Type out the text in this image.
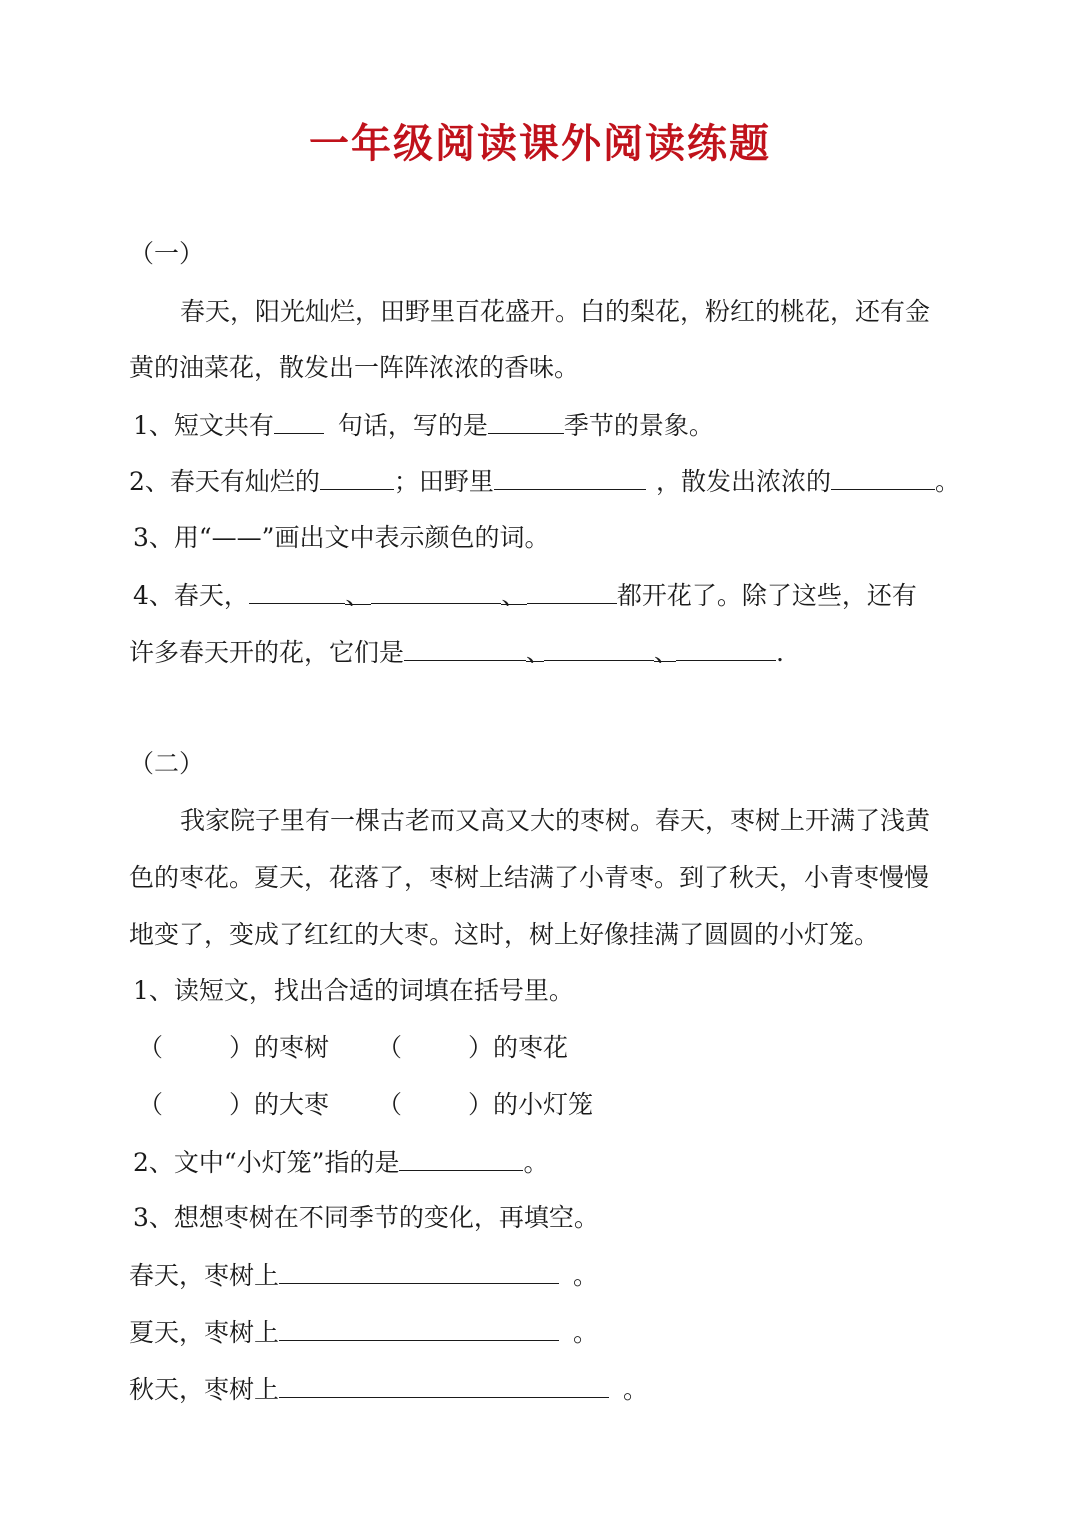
一年级阅读课外阅读练题
（一）
春天，阳光灿烂，田野里百花盛开。白的梨花，粉红的桃花，还有金
黄的油菜花，散发出一阵阵浓浓的香味。
1、短文共有	句话，写的是	季节的景象。
2、春天有灿烂的	；田野里	，散发出浓浓的	。
3、用“——”画出文中表示颜色的词。
4、春天，	、	、	都开花了。除了这些，还有
许多春天开的花，它们是	、	、	.
（二）
我家院子里有一棵古老而又高又大的枣树。春天，枣树上开满了浅黄
色的枣花。夏天，花落了，枣树上结满了小青枣。到了秋天，小青枣慢慢
地变了，变成了红红的大枣。这时，树上好像挂满了圆圆的小灯笼。
1、读短文，找出合适的词填在括号里。
（	）的枣树 （	）的枣花
（	）的大枣 （	）的小灯笼
2、文中“小灯笼”指的是	。
3、想想枣树在不同季节的变化，再填空。
春天，枣树上	。
夏天，枣树上	。
秋天，枣树上	。
